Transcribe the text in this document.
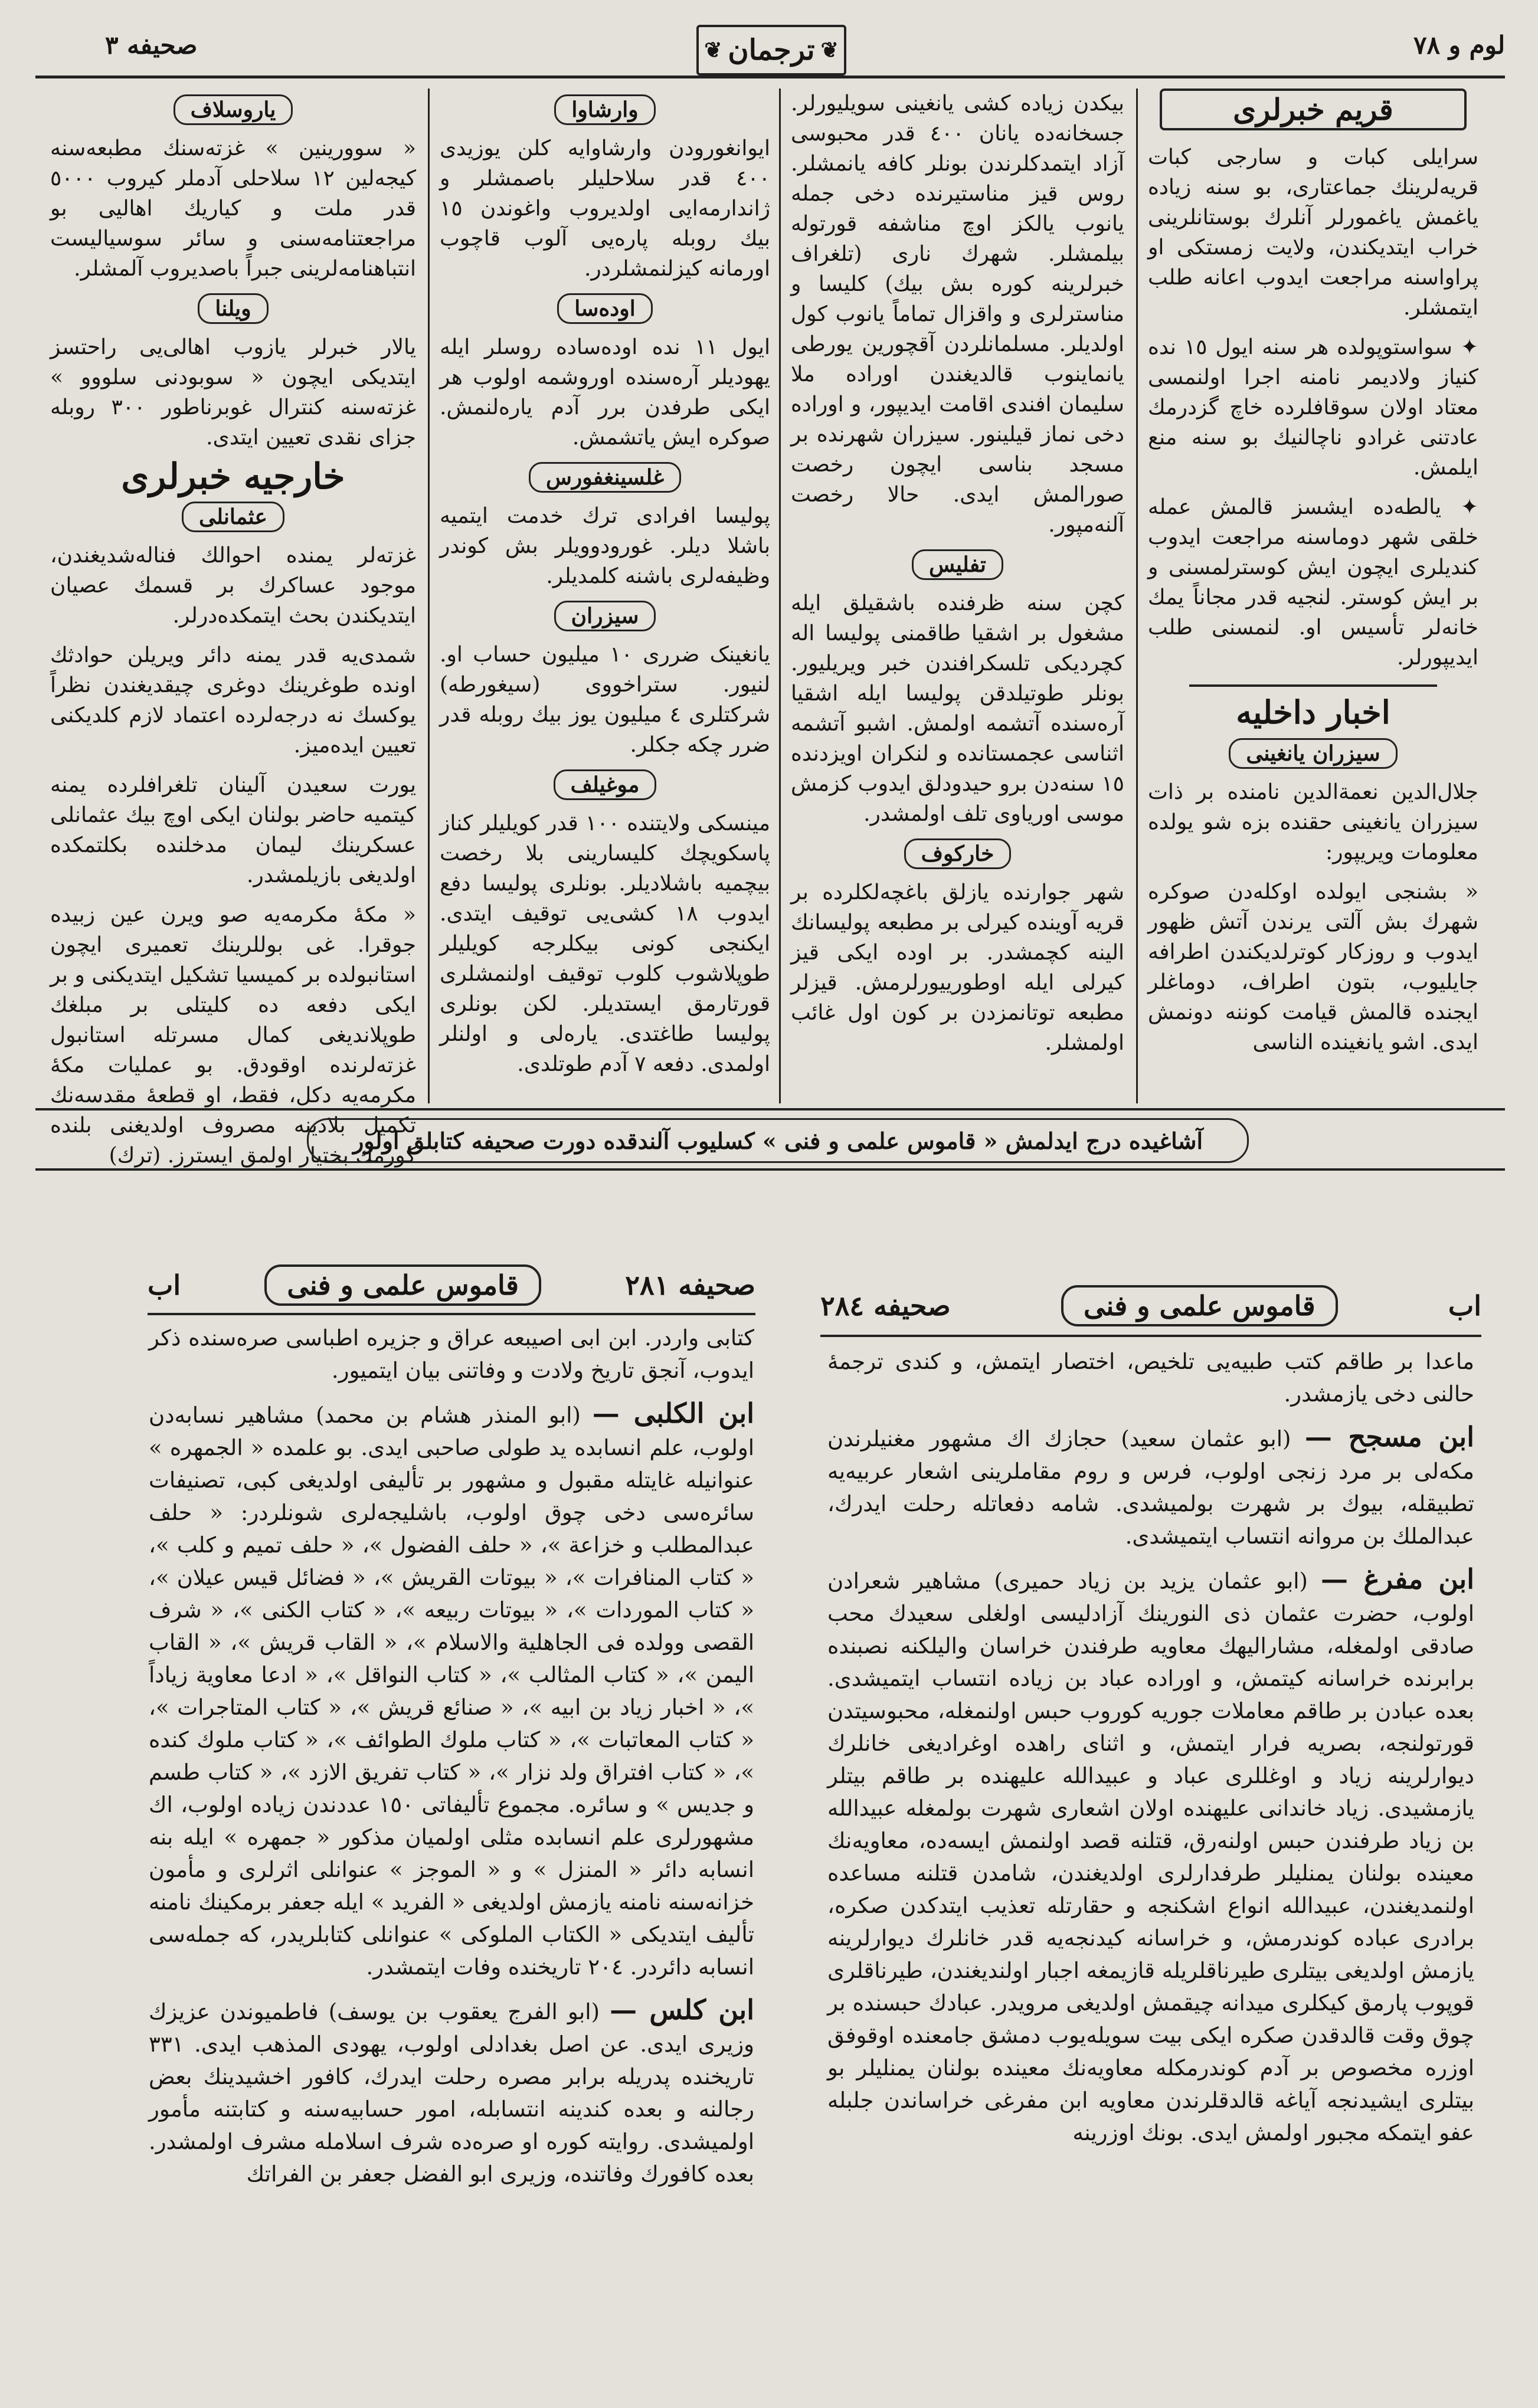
صحیفه ٣	❦
ترجمان
❦	لوم و ٧٨
قریم خبرلری

سرایلی کبات و سارجی کبات قریه‌لرینك جماعتاری، بو سنه زیاده یاغمش یاغمورلر آنلرك بوستانلرینی خراب ایتدیکندن، ولایت زمستکی او پراواسنه مراجعت ایدوب اعانه طلب ایتمشلر.

✦ سواستوپولده هر سنه ایول ١٥ نده کنیاز ولادیمر نامنه اجرا اولنمسی معتاد اولان سوقافلرده خاچ گزدرمك عادتنی غرادو ناچالنیك بو سنه منع ایلمش.

✦ یالطه‌ده ایشسز قالمش عمله خلقی شهر دوماسنه مراجعت ایدوب کندیلری ایچون ایش کوسترلمسنی و بر ایش کوستر. لنجیه قدر مجاناً یمك خانه‌لر تأسیس او. لنمسنی طلب ایدیپورلر.

اخبار داخلیه
سیزران یانغینی

جلال‌الدین نعمةالدین نامنده بر ذات سیزران یانغینی حقنده بزه شو یولده معلومات ویریپور:

« بشنجی ایولده اوکله‌دن صوکره شهرك بش آلتی یرندن آتش ظهور ایدوب و روزکار کوترلدیکندن اطرافه جایلیوب، بتون اطراف، دوماغلر ایجنده قالمش قیامت کوننه دونمش ایدی. اشو یانغینده الناسی

بیکدن زیاده کشی یانغینی سویلیورلر. جسخانه‌ده یانان ٤٠٠ قدر محبوسی آزاد ایتمدکلرندن بونلر کافه یانمشلر. روس قیز مناستیرنده دخی جمله یانوب یالکز اوچ مناشفه قورتوله بیلمشلر. شهرك ناری (تلغراف خبرلرینه کوره بش بیك) کلیسا و مناسترلری و واقزال تماماً یانوب کول اولدیلر. مسلمانلردن آقچورین یورطی یانماینوب قالدیغندن اوراده ملا سلیمان افندی اقامت ایدیپور، و اوراده دخی نماز قیلینور. سیزران شهرنده بر مسجد بناسی ایچون رخصت صورالمش ایدی. حالا رخصت آلنه‌مپور.

تفلیس

کچن سنه ظرفنده باشقیلق ایله مشغول بر اشقیا طاقمنی پولیسا اله کچردیکی تلسکرافندن خبر ویریلیور. بونلر طوتیلدقن پولیسا ایله اشقیا آره‌سنده آتشمه اولمش. اشبو آتشمه اثناسی عجمستانده و لنکران اویزدنده ١٥ سنه‌دن برو حیدودلق ایدوب کزمش موسی اوریاوی تلف اولمشدر.

خارکوف

شهر جوارنده یازلق باغچه‌لکلرده بر قریه آوینده کیرلی بر مطبعه پولیسانك الینه کچمشدر. بر اوده ایکی قیز کیرلی ایله اوطورییورلرمش. قیزلر مطبعه توتانمزدن بر کون اول غائب اولمشلر.

وارشاوا

ایوانغورودن وارشاوایه کلن یوزیدی ٤٠٠ قدر سلاحلیلر باصمشلر و ژاندارمه‌ایی اولدیروب واغوندن ١٥ بیك روبله پاره‌یی آلوب قاچوب اورمانه کیزلنمشلردر.

اوده‌سا

ایول ١١ نده اوده‌ساده روسلر ایله یهودیلر آره‌سنده اوروشمه اولوب هر ایکی طرفدن برر آدم یاره‌لنمش. صوکره ایش یاتشمش.

غلسینغفورس

پولیسا افرادی ترك خدمت ایتمیه باشلا دیلر. غورودوویلر بش کوندر وظیفه‌لری باشنه کلمدیلر.

سیزران

یانغینک ضرری ١٠ میلیون حساب او. لنیور. ستراخووی (سیغورطه) شرکتلری ٤ میلیون یوز بیك روبله قدر ضرر چکه جکلر.

موغیلف

مینسکی ولایتنده ١٠٠ قدر کویلیلر کناز پاسکویچك کلیسارینی بلا رخصت بیچمیه باشلادیلر. بونلری پولیسا دفع ایدوب ١٨ کشی‌یی توقیف ایتدی. ایکنجی کونی بیکلرجه کویلیلر طوپلاشوب کلوب توقیف اولنمشلری قورتارمق ایستدیلر. لکن بونلری پولیسا طاغتدی. یاره‌لی و اولنلر اولمدی. دفعه ٧ آدم طوتلدی.

یاروسلاف

« سوورینین » غزته‌سنك مطبعه‌سنه کیجه‌لین ١٢ سلاحلی آدملر کیروب ٥٠٠٠ قدر ملت و کیاریك اهالیی بو مراجعتنامه‌سنی و سائر سوسیالیست انتباهنامه‌لرینی جبراً باصدیروب آلمشلر.

ویلنا

یالار خبرلر یازوب اهالی‌یی راحتسز ایتدیکی ایچون « سوبودنی سلووو » غزته‌سنه کنترال غوبرناطور ٣٠٠ روبله جزای نقدی تعیین ایتدی.

خارجیه خبرلری
عثمانلی

غزته‌لر یمنده احوالك فناله‌شدیغندن، موجود عساکرك بر قسمك عصیان ایتدیکندن بحث ایتمكده‌درلر.

شمدی‌یه قدر یمنه دائر ویریلن حوادثك اونده طوغرینك دوغری چیقدیغندن نظراً یوکسك نه درجه‌لرده اعتماد لازم کلدیکنی تعیین ایده‌میز.

یورت سعیدن آلینان تلغرافلرده یمنه کیتمیه حاضر بولنان ایکی اوچ بیك عثمانلی عسکرینك لیمان مدخلنده بکلتمکده اولدیغی بازیلمشدر.

« مکهٔ مکرمه‌یه صو ویرن عین زبیده جوقرا. غی بوللرینك تعمیری ایچون استانبولده بر کمیسیا تشکیل ایتدیکنی و بر ایکی دفعه ده کلیتلی بر مبلغك طوپلاندیغی کمال مسرتله استانبول غزته‌لرنده اوقودق. بو عملیات مکهٔ مکرمه‌یه دکل، فقط، او قطعهٔ مقدسه‌نك تکمیل بلادینه مصروف اولدیغنی بلنده کورمك بختیار اولمق ایسترز. (ترك)

آشاغیده درج ایدلمش « قاموس علمی و فنی » کسلیوب آلندقده دورت صحیفه کتابلق اولور
اب
قاموس علمی و فنی
صحیفه ٢٨٤

ماعدا بر طاقم کتب طبیه‌یی تلخیص، اختصار ایتمش، و کندی ترجمهٔ حالنی دخی یازمشدر.

ابن مسجح — (ابو عثمان سعید) حجازك اك مشهور مغنیلرندن مکه‌لی بر مرد زنجی اولوب، فرس و روم مقاملرینی اشعار عربیه‌یه تطبیقله، بیوك بر شهرت بولمیشدی. شامه دفعاتله رحلت ایدرك، عبدالملك بن مروانه انتساب ایتمیشدی.

ابن مفرغ — (ابو عثمان یزید بن زیاد حمیری) مشاهیر شعرادن اولوب، حضرت عثمان ذی النورینك آزادلیسی اولغلی سعیدك محب صادقی اولمغله، مشارالیهك معاویه طرفندن خراسان والیلکنه نصبنده برابرنده خراسانه کیتمش، و اوراده عباد بن زیاده انتساب ایتمیشدی. بعده عبادن بر طاقم معاملات جوریه کوروب حبس اولنمغله، محبوسیتدن قورتولنجه، بصریه فرار ایتمش، و اثنای راهده اوغرادیغی خانلرك دیوارلرینه زیاد و اوغللری عباد و عبیدالله علیهنده بر طاقم بیتلر یازمشیدی. زیاد خاندانی علیهنده اولان اشعاری شهرت بولمغله عبیدالله بن زیاد طرفندن حبس اولنه‌رق، قتلنه قصد اولنمش ایسه‌ده، معاویه‌نك معینده بولنان یمنلیلر طرفدارلری اولدیغندن، شامدن قتلنه مساعده اولنمدیغندن، عبیدالله انواع اشکنجه و حقارتله تعذیب ایتدکدن صکره، برادری عباده کوندرمش، و خراسانه کیدنجه‌یه قدر خانلرك دیوارلرینه یازمش اولدیغی بیتلری طیرناقلریله قازیمغه اجبار اولندیغندن، طیرناقلری قوپوب پارمق کیکلری میدانه چیقمش اولدیغی مرویدر. عبادك حبسنده بر چوق وقت قالدقدن صکره ایکی بیت سویله‌یوب دمشق جامعنده اوقوفق اوزره مخصوص بر آدم کوندرمکله معاویه‌نك معینده بولنان یمنلیلر بو بیتلری ایشیدنجه آیاغه قالدقلرندن معاویه ابن مفرغی خراساندن جلبله عفو ایتمکه مجبور اولمش ایدی. بونك اوزرینه

صحیفه ٢٨١
قاموس علمی و فنی
اب

کتابی واردر. ابن ابی اصیبعه عراق و جزیره اطباسی صره‌سنده ذکر ایدوب، آنجق تاریخ ولادت و وفاتنی بیان ایتمیور.

ابن الکلبی — (ابو المنذر هشام بن محمد) مشاهیر نسابه‌دن اولوب، علم انسابده ید طولی صاحبی ایدی. بو علمده « الجمهره » عنوانیله غایتله مقبول و مشهور بر تألیفی اولدیغی کبی، تصنیفات سائره‌سی دخی چوق اولوب، باشلیجه‌لری شونلردر: « حلف عبدالمطلب و خزاعة »، « حلف الفضول »، « حلف تمیم و کلب »، « کتاب المنافرات »، « بیوتات القریش »، « فضائل قیس عیلان »، « کتاب الموردات »، « بیوتات ربیعه »، « کتاب الکنی »، « شرف القصی وولده فی الجاهلیة والاسلام »، « القاب قریش »، « القاب الیمن »، « کتاب المثالب »، « کتاب النواقل »، « ادعا معاویة زیاداً »، « اخبار زیاد بن ابیه »، « صنائع قریش »، « کتاب المتاجرات »، « کتاب المعاتبات »، « کتاب ملوك الطوائف »، « کتاب ملوك کنده »، « کتاب افتراق ولد نزار »، « کتاب تفریق الازد »، « کتاب طسم و جدیس » و سائره. مجموع تألیفاتی ١٥٠ عددندن زیاده اولوب، اك مشهورلری علم انسابده مثلی اولمیان مذکور « جمهره » ایله بنه انسابه دائر « المنزل » و « الموجز » عنوانلی اثرلری و مأمون خزانه‌سنه نامنه یازمش اولدیغی « الفرید » ایله جعفر برمکینك نامنه تألیف ایتدیکی « الکتاب الملوکی » عنوانلی کتابلریدر، که جمله‌سی انسابه دائردر. ٢٠٤ تاریخنده وفات ایتمشدر.

ابن کلس — (ابو الفرج یعقوب بن یوسف) فاطمیوندن عزیزك وزیری ایدی. عن اصل بغدادلی اولوب، یهودی المذهب ایدی. ٣٣١ تاریخنده پدریله برابر مصره رحلت ایدرك، کافور اخشیدینك بعض رجالنه و بعده کندینه انتسابله، امور حسابیه‌سنه و کتابتنه مأمور اولمیشدی. روایته کوره او صره‌ده شرف اسلامله مشرف اولمشدر. بعده کافورك وفاتنده، وزیری ابو الفضل جعفر بن الفراتك
